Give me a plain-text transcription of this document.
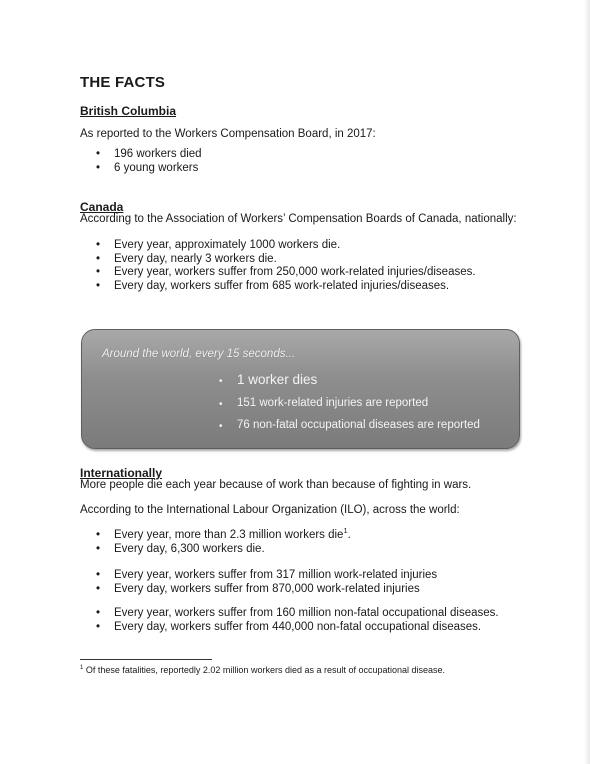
THE FACTS

British Columbia

As reported to the Workers Compensation Board, in 2017:

• 196 workers died
• 6 young workers

Canada

According to the Association of Workers’ Compensation Boards of Canada, nationally:

• Every year, approximately 1000 workers die.
• Every day, nearly 3 workers die.
• Every year, workers suffer from 250,000 work-related injuries/diseases.
• Every day, workers suffer from 685 work-related injuries/diseases.

Around the world, every 15 seconds...

• 1 worker dies
• 151 work-related injuries are reported
• 76 non-fatal occupational diseases are reported

Internationally

More people die each year because of work than because of fighting in wars.

According to the International Labour Organization (ILO), across the world:

• Every year, more than 2.3 million workers die$^1$.
• Every day, 6,300 workers die.
• Every year, workers suffer from 317 million work-related injuries
• Every day, workers suffer from 870,000 work-related injuries
• Every year, workers suffer from 160 million non-fatal occupational diseases.
• Every day, workers suffer from 440,000 non-fatal occupational diseases.

$^1$ Of these fatalities, reportedly 2.02 million workers died as a result of occupational disease.
